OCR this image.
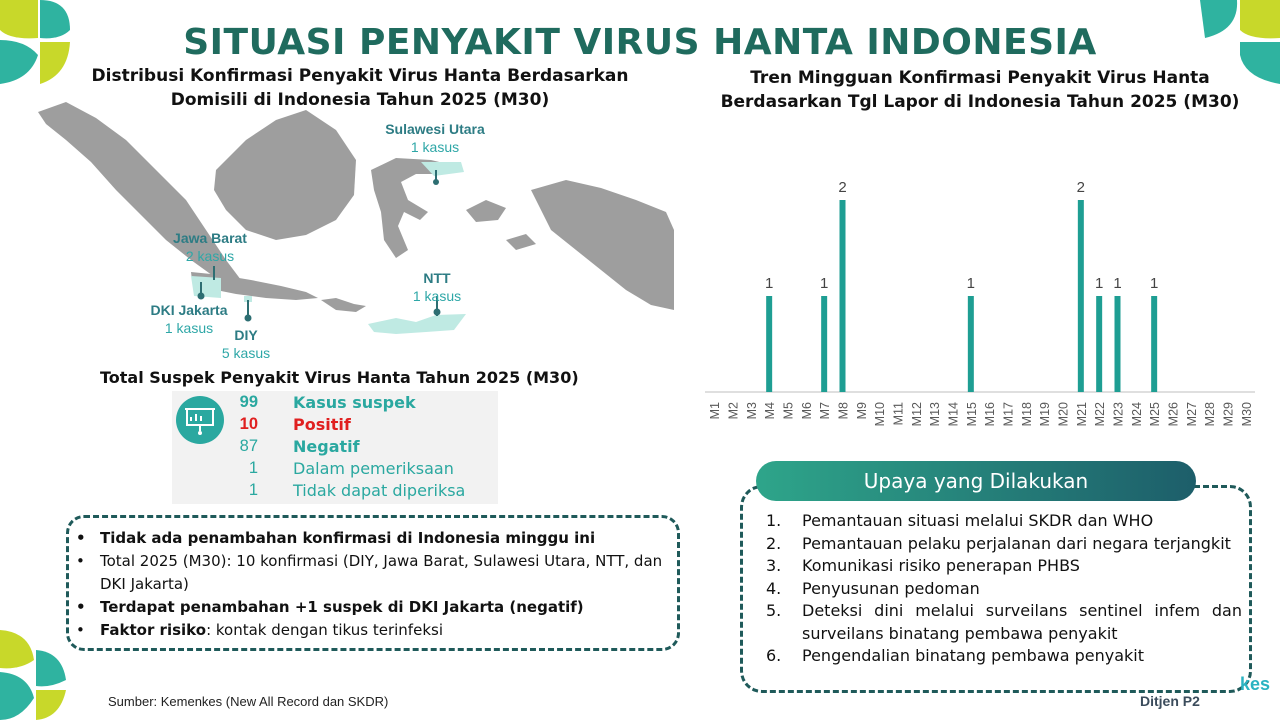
SITUASI PENYAKIT VIRUS HANTA INDONESIA
Distribusi Konfirmasi Penyakit Virus Hanta Berdasarkan
Domisili di Indonesia Tahun 2025 (M30)
Sulawesi Utara
1 kasus
Jawa Barat
2 kasus
NTT
1 kasus
DKI Jakarta
1 kasus	DIY
5 kasus
Total Suspek Penyakit Virus Hanta Tahun 2025 (M30)
99 Kasus suspek
10 Positif
87 Negatif
1 Dalam pemeriksaan
1 Tidak dapat diperiksa
• Tidak ada penambahan konfirmasi di Indonesia minggu ini
• Total 2025 (M30): 10 konfirmasi (DIY, Jawa Barat, Sulawesi Utara, NTT, dan DKI Jakarta)
• Terdapat penambahan +1 suspek di DKI Jakarta (negatif)
• Faktor risiko: kontak dengan tikus terinfeksi
Sumber: Kemenkes (New All Record dan SKDR)
Tren Mingguan Konfirmasi Penyakit Virus Hanta Berdasarkan Tgl Lapor di Indonesia Tahun 2025 (M30)
M1 M2 M3
1
M4 M5 M6
1
M7
2
M8 M9 M10 M11 M12 M13 M14
1
M15 M16 M17 M18 M19 M20
2
M21
1
M22
1
M23 M24
1
M25 M26 M27 M28 M29 M30
Upaya yang Dilakukan
1. Pemantauan situasi melalui SKDR dan WHO
2. Pemantauan pelaku perjalanan dari negara terjangkit
3. Komunikasi risiko penerapan PHBS
4. Penyusunan pedoman
5. Deteksi dini melalui surveilans sentinel infem dan surveilans binatang pembawa penyakit
6. Pengendalian binatang pembawa penyakit
kes
Ditjen P2
